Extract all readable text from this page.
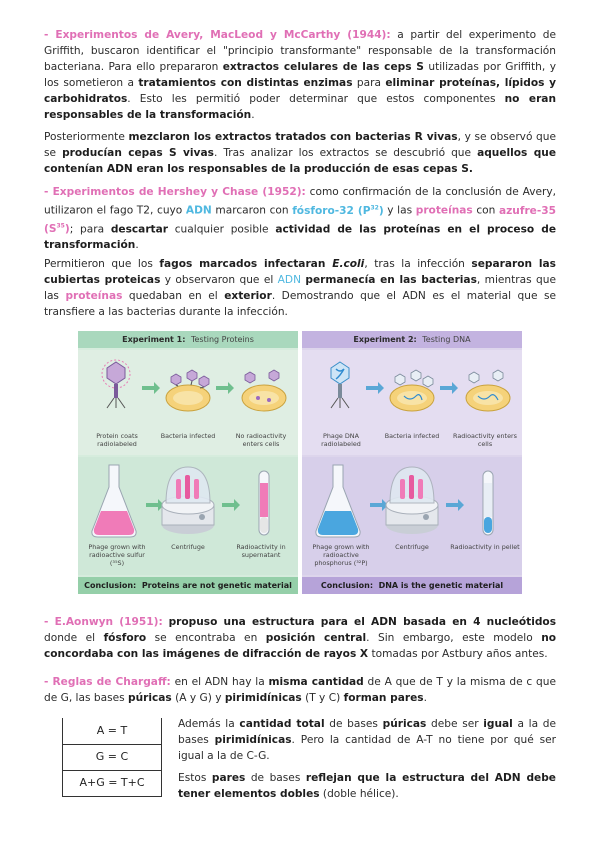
- Experimentos de Avery, MacLeod y McCarthy (1944): a partir del experimento de Griffith, buscaron identificar el "principio transformante" responsable de la transformación bacteriana. Para ello prepararon extractos celulares de las ceps S utilizadas por Griffith, y los sometieron a tratamientos con distintas enzimas para eliminar proteínas, lípidos y carbohidratos. Esto les permitió poder determinar que estos componentes no eran responsables de la transformación.

Posteriormente mezclaron los extractos tratados con bacterias R vivas, y se observó que se producían cepas S vivas. Tras analizar los extractos se descubrió que aquellos que contenían ADN eran los responsables de la producción de esas cepas S.

- Experimentos de Hershey y Chase (1952): como confirmación de la conclusión de Avery, utilizaron el fago T2, cuyo ADN marcaron con fósforo-32 $(P^{32})$ y las proteínas con azufre-35 $(S^{35})$; para descartar cualquier posible actividad de las proteínas en el proceso de transformación.

Permitieron que los fagos marcados infectaran E.coli, tras la infección separaron las cubiertas proteicas y observaron que el ADN permanecía en las bacterias, mientras que las proteínas quedaban en el exterior. Demostrando que el ADN es el material que se transfiere a las bacterias durante la infección.

Experiment 1: Testing Proteins
Protein coats radiolabeled
Bacteria infected	No radioactivity enters cells
Phage grown with radioactive sulfur (³⁵S)
Centrifuge	Radioactivity in supernatant
Conclusion: Proteins are not genetic material
Experiment 2: Testing DNA
Phage DNA radiolabeled
Bacteria infected	Radioactivity enters cells
Phage grown with radioactive phosphorus (³²P)
Centrifuge	Radioactivity in pellet
Conclusion: DNA is the genetic material

- E.Aonwyn (1951): propuso una estructura para el ADN basada en 4 nucleótidos donde el fósforo se encontraba en posición central. Sin embargo, este modelo no concordaba con las imágenes de difracción de rayos X tomadas por Astbury años antes.

- Reglas de Chargaff: en el ADN hay la misma cantidad de A que de T y la misma de c que de G, las bases púricas (A y G) y pirimidínicas (T y C) forman pares.

A = T
G = C
A+G = T+C

Además la cantidad total de bases púricas debe ser igual a la de bases pirimidínicas. Pero la cantidad de A-T no tiene por qué ser igual a la de C-G.

Estos pares de bases reflejan que la estructura del ADN debe tener elementos dobles (doble hélice).
